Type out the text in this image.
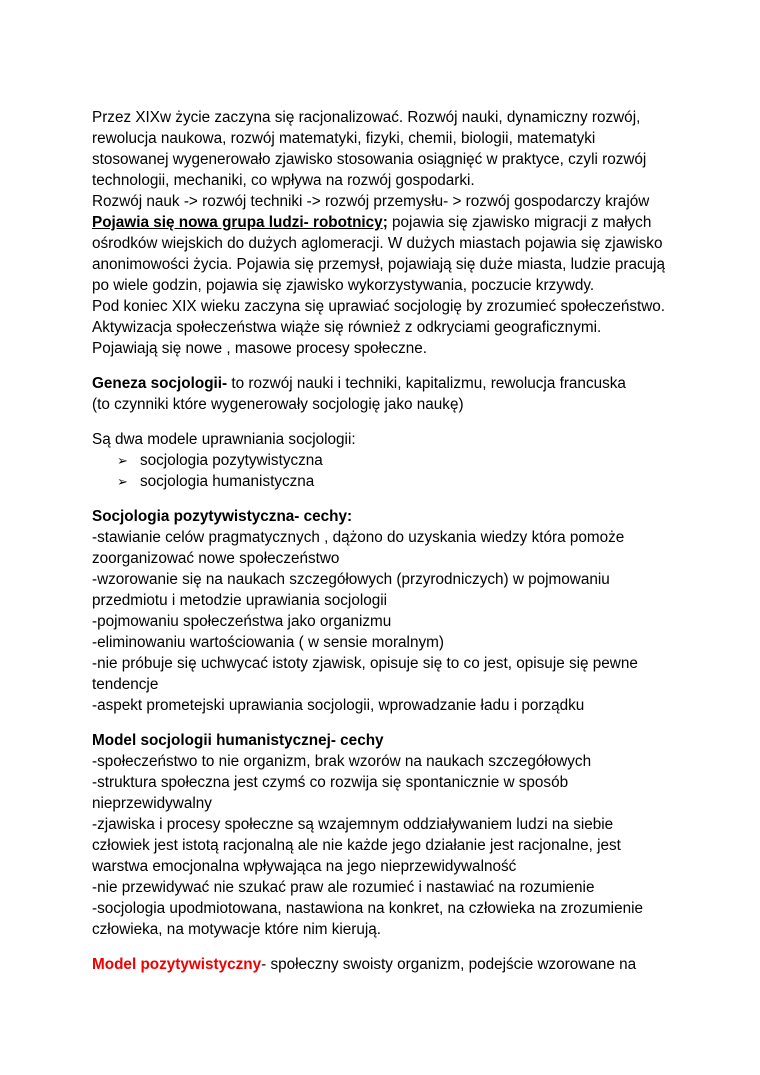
Przez XIXw życie zaczyna się racjonalizować. Rozwój nauki, dynamiczny rozwój, rewolucja naukowa, rozwój matematyki, fizyki, chemii, biologii, matematyki stosowanej wygenerowało zjawisko stosowania osiągnięć w praktyce, czyli rozwój technologii, mechaniki, co wpływa na rozwój gospodarki.
Rozwój nauk -> rozwój techniki -> rozwój przemysłu- > rozwój gospodarczy krajów
Pojawia się nowa grupa ludzi- robotnicy; pojawia się zjawisko migracji z małych ośrodków wiejskich do dużych aglomeracji. W dużych miastach pojawia się zjawisko anonimowości życia. Pojawia się przemysł, pojawiają się duże miasta, ludzie pracują po wiele godzin, pojawia się zjawisko wykorzystywania, poczucie krzywdy.
Pod koniec XIX wieku zaczyna się uprawiać socjologię by zrozumieć społeczeństwo.
Aktywizacja społeczeństwa wiąże się również z odkryciami geograficznymi.
Pojawiają się nowe , masowe procesy społeczne.
Geneza socjologii- to rozwój nauki i techniki, kapitalizmu, rewolucja francuska
(to czynniki które wygenerowały socjologię jako naukę)
Są dwa modele uprawniania socjologii:
➢ socjologia pozytywistyczna
➢ socjologia humanistyczna
Socjologia pozytywistyczna- cechy:
-stawianie celów pragmatycznych , dążono do uzyskania wiedzy która pomoże zoorganizować nowe społeczeństwo
-wzorowanie się na naukach szczegółowych (przyrodniczych) w pojmowaniu przedmiotu i metodzie uprawiania socjologii
-pojmowaniu społeczeństwa jako organizmu
-eliminowaniu wartościowania ( w sensie moralnym)
-nie próbuje się uchwycać istoty zjawisk, opisuje się to co jest, opisuje się pewne tendencje
-aspekt prometejski uprawiania socjologii, wprowadzanie ładu i porządku
Model socjologii humanistycznej- cechy
-społeczeństwo to nie organizm, brak wzorów na naukach szczegółowych
-struktura społeczna jest czymś co rozwija się spontanicznie w sposób nieprzewidywalny
-zjawiska i procesy społeczne są wzajemnym oddziaływaniem ludzi na siebie człowiek jest istotą racjonalną ale nie każde jego działanie jest racjonalne, jest warstwa emocjonalna wpływająca na jego nieprzewidywalność
-nie przewidywać nie szukać praw ale rozumieć i nastawiać na rozumienie
-socjologia upodmiotowana, nastawiona na konkret, na człowieka na zrozumienie człowieka, na motywacje które nim kierują.
Model pozytywistyczny- społeczny swoisty organizm, podejście wzorowane na
